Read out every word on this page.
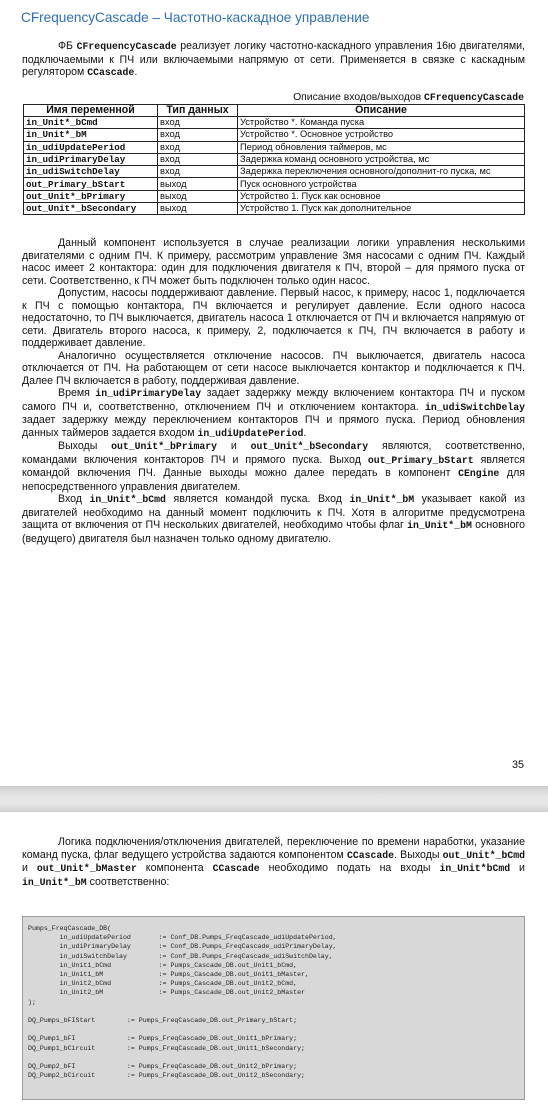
CFrequencyCascade – Частотно-каскадное управление

ФБ CFrequencyCascade реализует логику частотно-каскадного управления 16ю двигателями, подключаемыми к ПЧ или включаемыми напрямую от сети. Применяется в связке с каскадным регулятором CCascade.

Описание входов/выходов CFrequencyCascade
Имя переменной	Тип данных	Описание
in_Unit*_bCmd	вход	Устройство *. Команда пуска
in_Unit*_bM	вход	Устройство *. Основное устройство
in_udiUpdatePeriod	вход	Период обновления таймеров, мс
in_udiPrimaryDelay	вход	Задержка команд основного устройства, мс
in_udiSwitchDelay	вход	Задержка переключения основного/дополнит-го пуска, мс
out_Primary_bStart	выход	Пуск основного устройства
out_Unit*_bPrimary	выход	Устройство 1. Пуск как основное
out_Unit*_bSecondary	выход	Устройство 1. Пуск как дополнительное

Данный компонент используется в случае реализации логики управления несколькими двигателями с одним ПЧ. К примеру, рассмотрим управление 3мя насосами с одним ПЧ. Каждый насос имеет 2 контактора: один для подключения двигателя к ПЧ, второй – для прямого пуска от сети. Соответственно, к ПЧ может быть подключен только один насос.

Допустим, насосы поддерживают давление. Первый насос, к примеру, насос 1, подключается к ПЧ с помощью контактора, ПЧ включается и регулирует давление. Если одного насоса недостаточно, то ПЧ выключается, двигатель насоса 1 отключается от ПЧ и включается напрямую от сети. Двигатель второго насоса, к примеру, 2, подключается к ПЧ, ПЧ включается в работу и поддерживает давление.

Аналогично осуществляется отключение насосов. ПЧ выключается, двигатель насоса отключается от ПЧ. На работающем от сети насосе выключается контактор и подключается к ПЧ. Далее ПЧ включается в работу, поддерживая давление.

Время in_udiPrimaryDelay задает задержку между включением контактора ПЧ и пуском самого ПЧ и, соответственно, отключением ПЧ и отключением контактора. in_udiSwitchDelay задает задержку между переключением контакторов ПЧ и прямого пуска. Период обновления данных таймеров задается входом in_udiUpdatePeriod.

Выходы out_Unit*_bPrimary и out_Unit*_bSecondary являются, соответственно, командами включения контакторов ПЧ и прямого пуска. Выход out_Primary_bStart является командой включения ПЧ. Данные выходы можно далее передать в компонент CEngine для непосредственного управления двигателем.

Вход in_Unit*_bCmd является командой пуска. Вход in_Unit*_bM указывает какой из двигателей необходимо на данный момент подключить к ПЧ. Хотя в алгоритме предусмотрена защита от включения от ПЧ нескольких двигателей, необходимо чтобы флаг in_Unit*_bM основного (ведущего) двигателя был назначен только одному двигателю.

35

Логика подключения/отключения двигателей, переключение по времени наработки, указание команд пуска, флаг ведущего устройства задаются компонентом CCascade. Выходы out_Unit*_bCmd и out_Unit*_bMaster компонента CCascade необходимо подать на входы in_Unit*bCmd и in_Unit*_bM соответственно:

Pumps_FreqCascade_DB(
in_udiUpdatePeriod       := Conf_DB.Pumps_FreqCascade_udiUpdatePeriod,
in_udiPrimaryDelay       := Conf_DB.Pumps_FreqCascade_udiPrimaryDelay,
in_udiSwitchDelay        := Conf_DB.Pumps_FreqCascade_udiSwitchDelay,
in_Unit1_bCmd            := Pumps_Cascade_DB.out_Unit1_bCmd,
in_Unit1_bM              := Pumps_Cascade_DB.out_Unit1_bMaster,
in_Unit2_bCmd            := Pumps_Cascade_DB.out_Unit2_bCmd,
in_Unit2_bM              := Pumps_Cascade_DB.out_Unit2_bMaster
);

DQ_Pumps_bFIStart        := Pumps_FreqCascade_DB.out_Primary_bStart;

DQ_Pump1_bFI             := Pumps_FreqCascade_DB.out_Unit1_bPrimary;
DQ_Pump1_bCircuit        := Pumps_FreqCascade_DB.out_Unit1_bSecondary;

DQ_Pump2_bFI             := Pumps_FreqCascade_DB.out_Unit2_bPrimary;
DQ_Pump2_bCircuit        := Pumps_FreqCascade_DB.out_Unit2_bSecondary;
